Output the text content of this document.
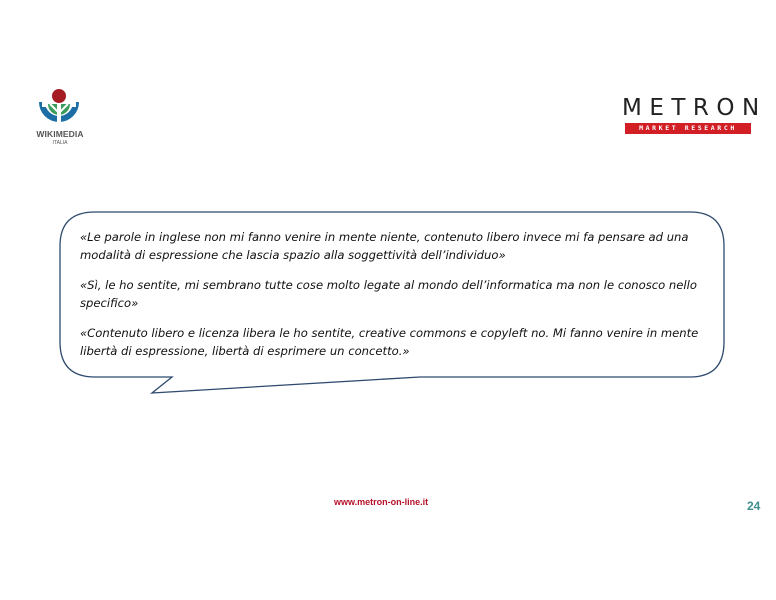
WIKIMEDIA
ITALIA
METRON
MARKET RESEARCH

«Le parole in inglese non mi fanno venire in mente niente, contenuto libero invece mi fa pensare ad una modalità di espressione che lascia spazio alla soggettività dell’individuo»

«Sì, le ho sentite, mi sembrano tutte cose molto legate al mondo dell’informatica ma non le conosco nello specifico»

«Contenuto libero e licenza libera le ho sentite, creative commons e copyleft no. Mi fanno venire in mente libertà di espressione, libertà di esprimere un concetto.»

www.metron-on-line.it	24
